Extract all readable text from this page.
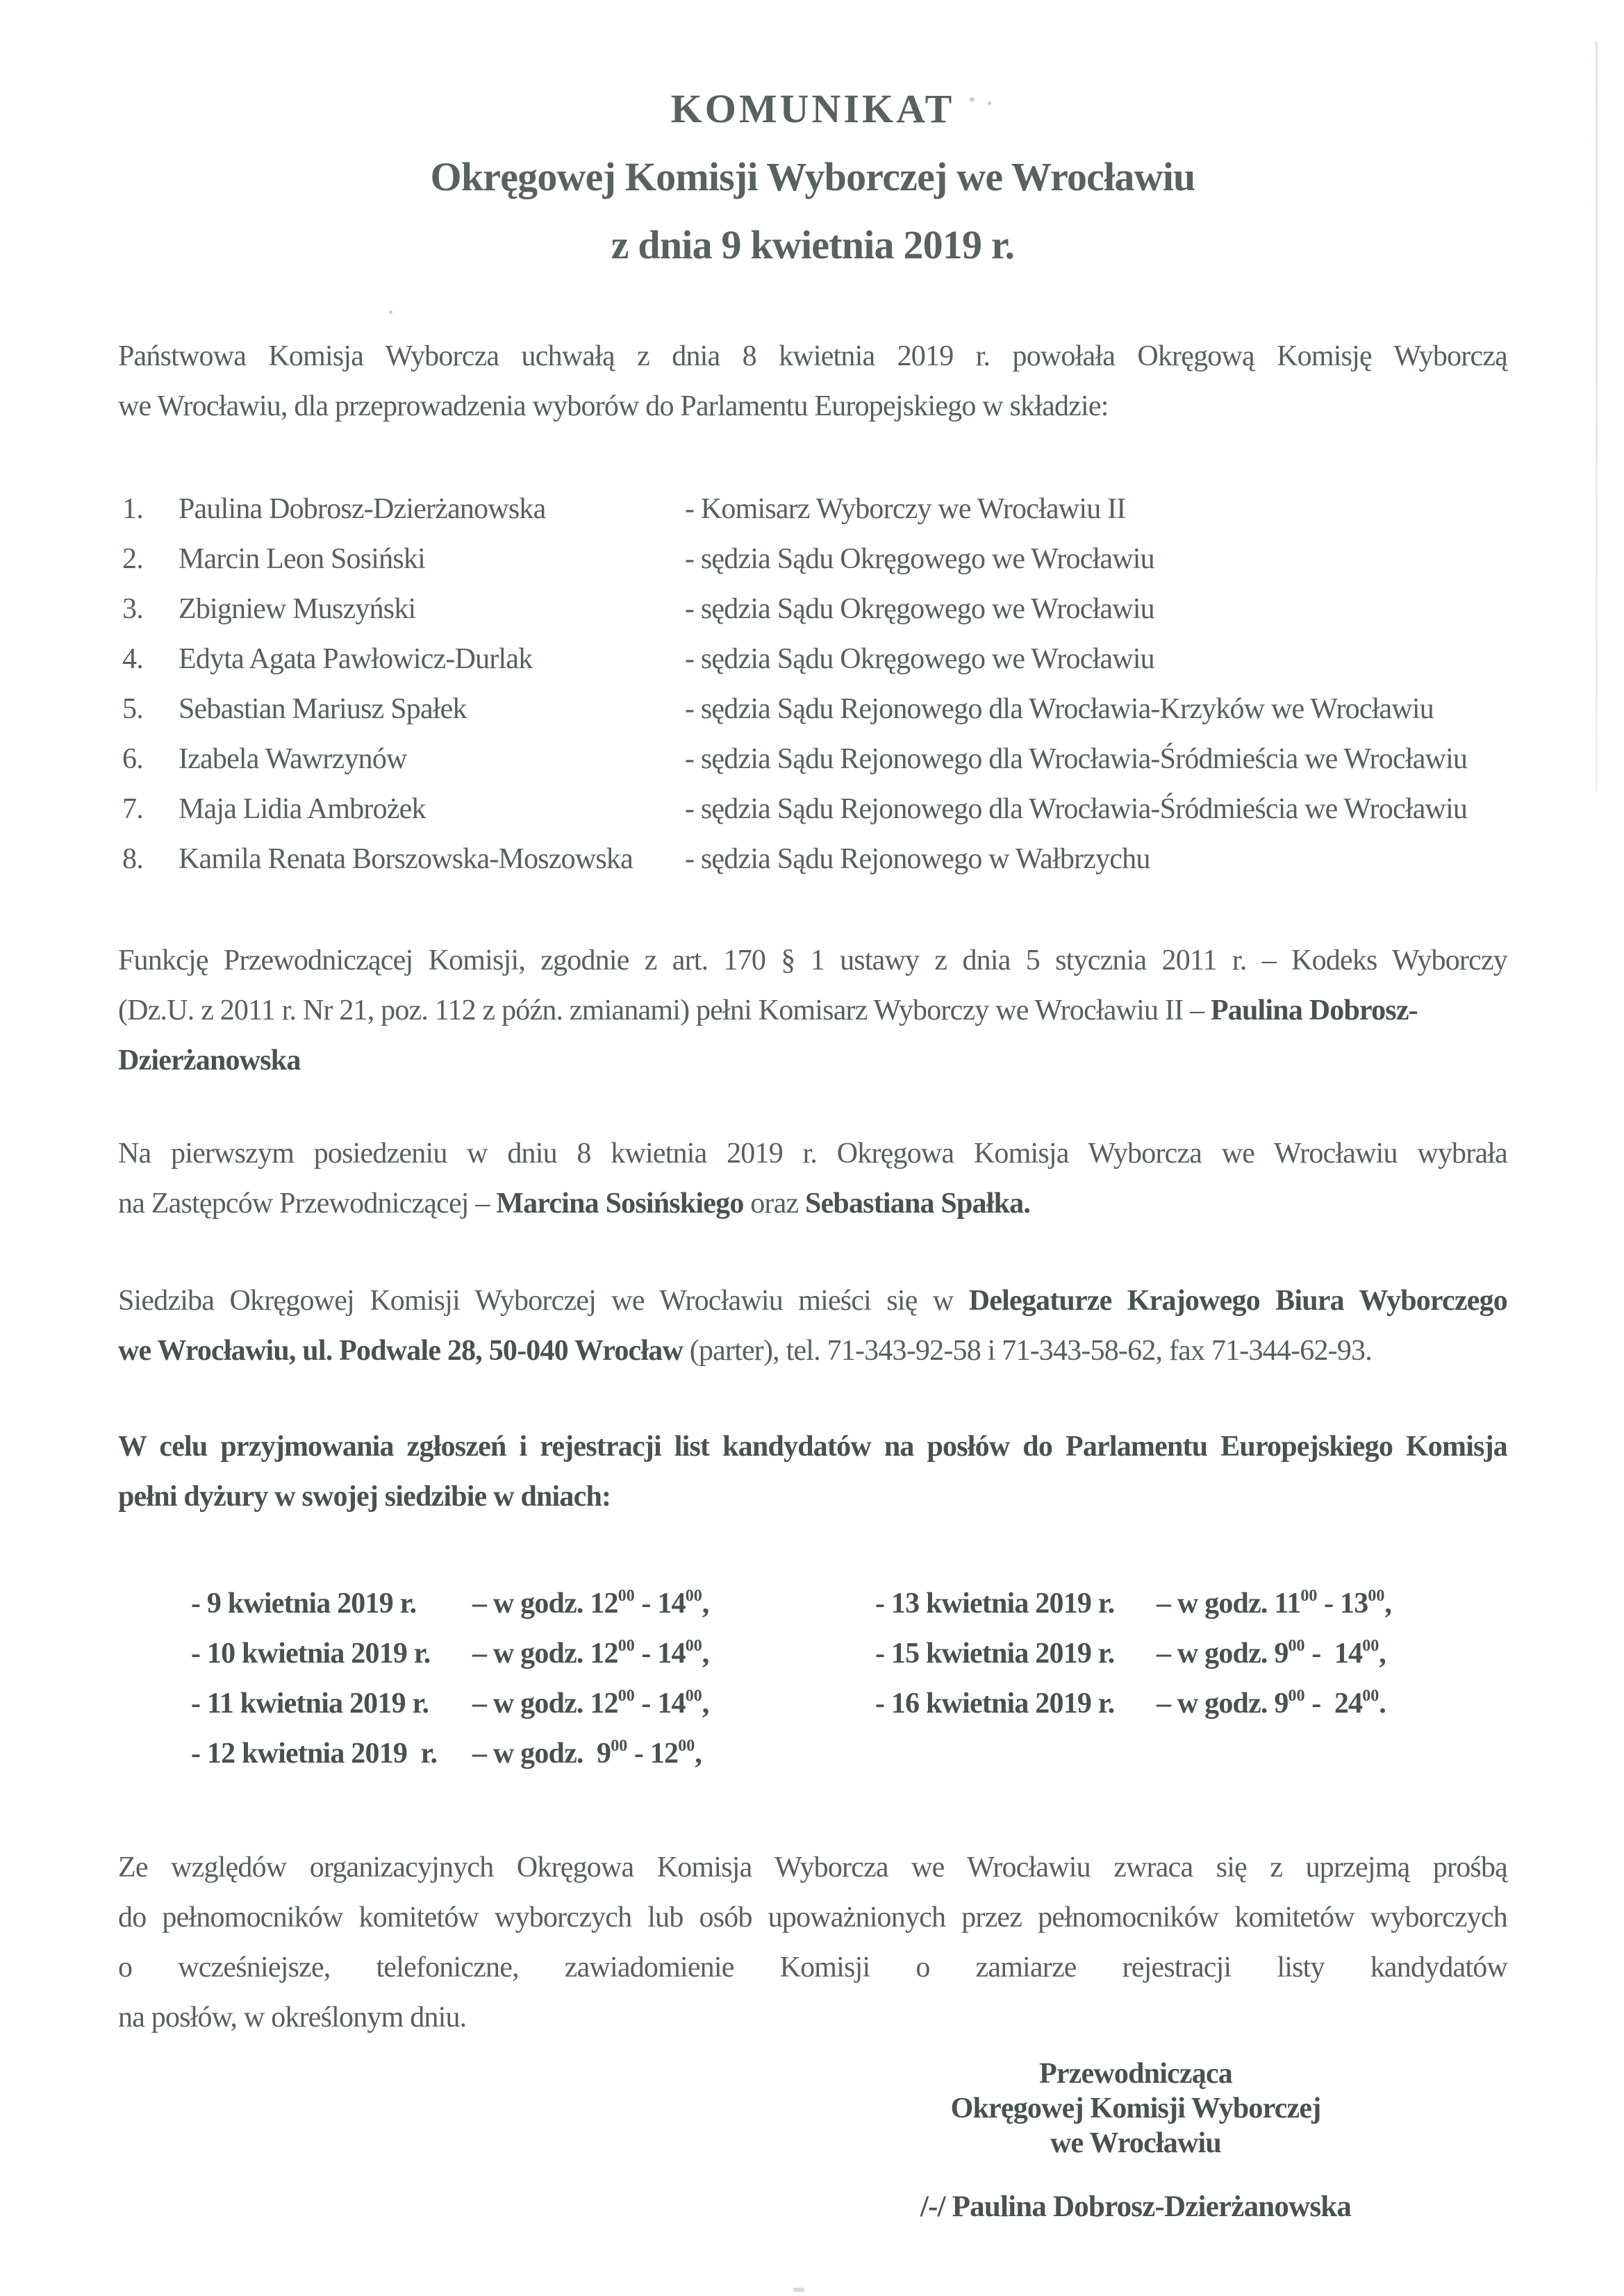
KOMUNIKAT
Okręgowej Komisji Wyborczej we Wrocławiu
z dnia 9 kwietnia 2019 r.
Państwowa Komisja Wyborcza uchwałą z dnia 8 kwietnia 2019 r. powołała Okręgową Komisję Wyborczą
we Wrocławiu, dla przeprowadzenia wyborów do Parlamentu Europejskiego w składzie:
1.	Paulina Dobrosz-Dzierżanowska	- Komisarz Wyborczy we Wrocławiu II
2.	Marcin Leon Sosiński	- sędzia Sądu Okręgowego we Wrocławiu
3.	Zbigniew Muszyński	- sędzia Sądu Okręgowego we Wrocławiu
4.	Edyta Agata Pawłowicz-Durlak	- sędzia Sądu Okręgowego we Wrocławiu
5.	Sebastian Mariusz Spałek	- sędzia Sądu Rejonowego dla Wrocławia-Krzyków we Wrocławiu
6.	Izabela Wawrzynów	- sędzia Sądu Rejonowego dla Wrocławia-Śródmieścia we Wrocławiu
7.	Maja Lidia Ambrożek	- sędzia Sądu Rejonowego dla Wrocławia-Śródmieścia we Wrocławiu
8.	Kamila Renata Borszowska-Moszowska	- sędzia Sądu Rejonowego w Wałbrzychu
Funkcję Przewodniczącej Komisji, zgodnie z art. 170 § 1 ustawy z dnia 5 stycznia 2011 r. – Kodeks Wyborczy
(Dz.U. z 2011 r. Nr 21, poz. 112 z późn. zmianami) pełni Komisarz Wyborczy we Wrocławiu II – Paulina Dobrosz-
Dzierżanowska
Na pierwszym posiedzeniu w dniu 8 kwietnia 2019 r. Okręgowa Komisja Wyborcza we Wrocławiu wybrała
na Zastępców Przewodniczącej – Marcina Sosińskiego oraz Sebastiana Spałka.
Siedziba Okręgowej Komisji Wyborczej we Wrocławiu mieści się w Delegaturze Krajowego Biura Wyborczego
we Wrocławiu, ul. Podwale 28, 50-040 Wrocław (parter), tel. 71-343-92-58 i 71-343-58-62, fax 71-344-62-93.
W celu przyjmowania zgłoszeń i rejestracji list kandydatów na posłów do Parlamentu Europejskiego Komisja
pełni dyżury w swojej siedzibie w dniach:
- 9 kwietnia 2019 r.	– w godz. $12^{00} - 14^{00}$,
- 10 kwietnia 2019 r.	– w godz. $12^{00} - 14^{00}$,
- 11 kwietnia 2019 r.	– w godz. $12^{00} - 14^{00}$,
- 12 kwietnia 2019  r.	– w godz.  $9^{00} - 12^{00}$,
- 13 kwietnia 2019 r.	– w godz. $11^{00} - 13^{00}$,
- 15 kwietnia 2019 r.	– w godz. $9^{00} - 14^{00}$,
- 16 kwietnia 2019 r.	– w godz. $9^{00} - 24^{00}$.
Ze względów organizacyjnych Okręgowa Komisja Wyborcza we Wrocławiu zwraca się z uprzejmą prośbą
do pełnomocników komitetów wyborczych lub osób upoważnionych przez pełnomocników komitetów wyborczych
o wcześniejsze, telefoniczne, zawiadomienie Komisji o zamiarze rejestracji listy kandydatów
na posłów, w określonym dniu.
Przewodnicząca
Okręgowej Komisji Wyborczej
we Wrocławiu
/-/ Paulina Dobrosz-Dzierżanowska
